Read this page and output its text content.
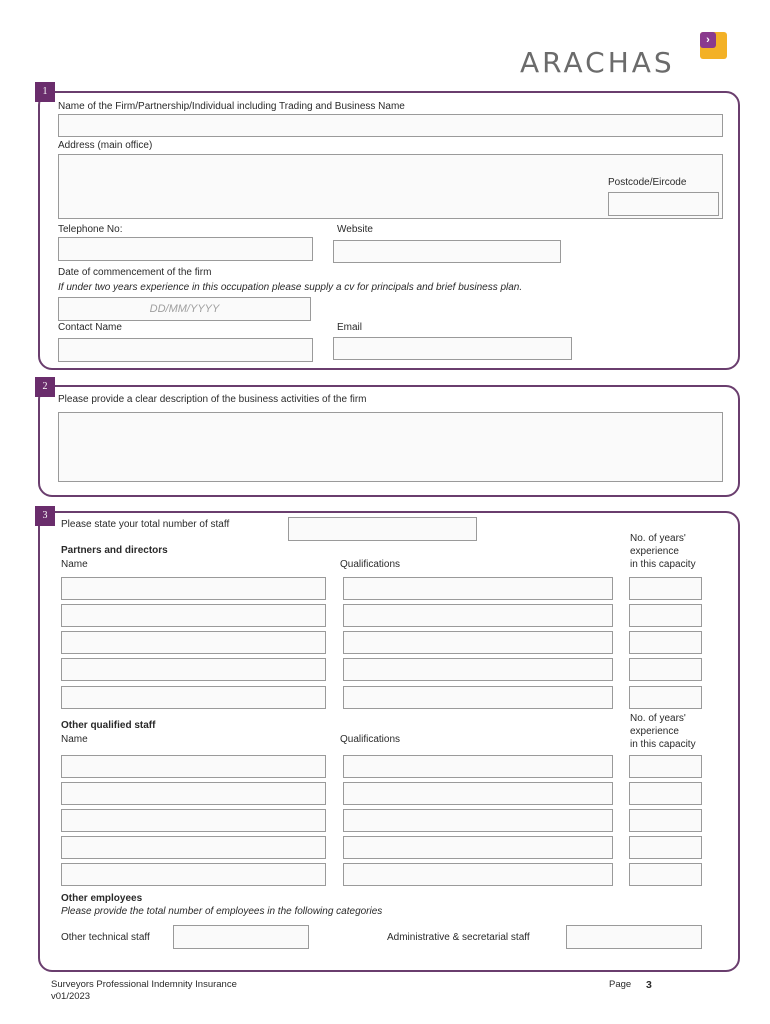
ARACHAS
›
1
Name of the Firm/Partnership/Individual including Trading and Business Name
Address (main office)
Postcode/Eircode
Telephone No:	Website
Date of commencement of the firm
If under two years experience in this occupation please supply a cv for principals and brief business plan.
DD/MM/YYYY
Contact Name	Email
2
Please provide a clear description of the business activities of the firm
3
Please state your total number of staff
Partners and directors
Name	Qualifications
No. of years'
experience
in this capacity
Other qualified staff
Name	Qualifications
No. of years'
experience
in this capacity
Other employees
Please provide the total number of employees in the following categories
Other technical staff	Administrative & secretarial staff
Surveyors Professional Indemnity Insurance
v01/2023
Page 3
